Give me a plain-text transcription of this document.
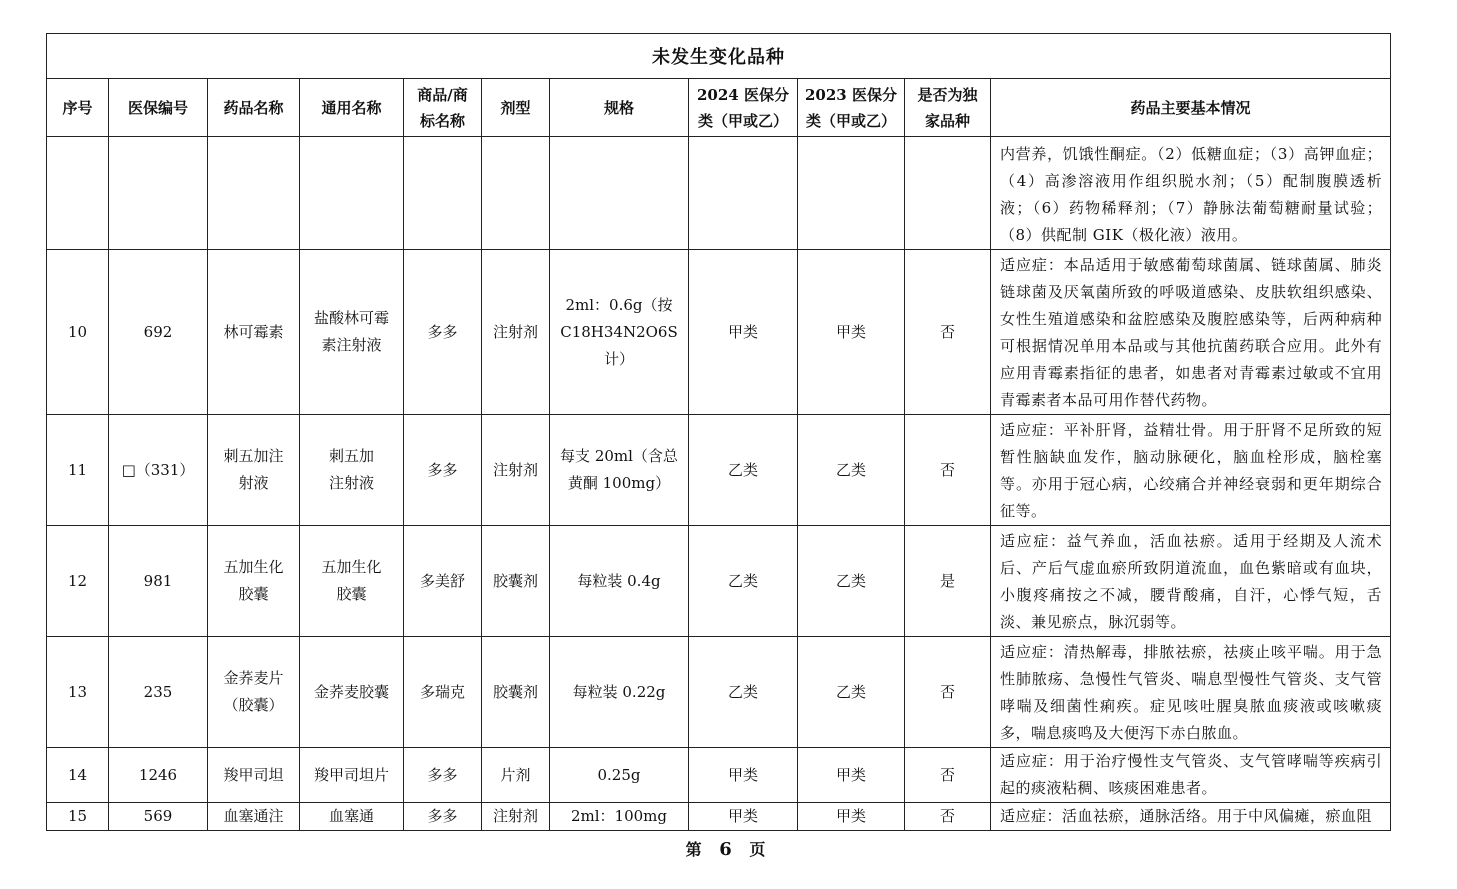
未发生变化品种										
序号	医保编号	药品名称	通用名称	商品/商标名称	剂型	规格	2024 医保分类（甲或乙）	2023 医保分类（甲或乙）	是否为独家品种	药品主要基本情况
										内营养，饥饿性酮症。（2）低糖血症；（3）高钾血症；（4）高渗溶液用作组织脱水剂；（5）配制腹膜透析液；（6）药物稀释剂；（7）静脉法葡萄糖耐量试验；（8）供配制 GIK（极化液）液用。
10	692	林可霉素	盐酸林可霉素注射液	多多	注射剂	2ml：0.6g（按 C18H34N2O6S 计）	甲类	甲类	否	适应症：本品适用于敏感葡萄球菌属、链球菌属、肺炎链球菌及厌氧菌所致的呼吸道感染、皮肤软组织感染、女性生殖道感染和盆腔感染及腹腔感染等，后两种病种可根据情况单用本品或与其他抗菌药联合应用。此外有应用青霉素指征的患者，如患者对青霉素过敏或不宜用青霉素者本品可用作替代药物。
11	□（331）	刺五加注射液	刺五加注射液	多多	注射剂	每支 20ml（含总黄酮 100mg）	乙类	乙类	否	适应症：平补肝肾，益精壮骨。用于肝肾不足所致的短暂性脑缺血发作，脑动脉硬化，脑血栓形成，脑栓塞等。亦用于冠心病，心绞痛合并神经衰弱和更年期综合征等。
12	981	五加生化胶囊	五加生化胶囊	多美舒	胶囊剂	每粒装 0.4g	乙类	乙类	是	适应症：益气养血，活血祛瘀。适用于经期及人流术后、产后气虚血瘀所致阴道流血，血色紫暗或有血块，小腹疼痛按之不减，腰背酸痛，自汗，心悸气短，舌淡、兼见瘀点，脉沉弱等。
13	235	金荞麦片（胶囊）	金荞麦胶囊	多瑞克	胶囊剂	每粒装 0.22g	乙类	乙类	否	适应症：清热解毒，排脓祛瘀，祛痰止咳平喘。用于急性肺脓疡、急慢性气管炎、喘息型慢性气管炎、支气管哮喘及细菌性痢疾。症见咳吐腥臭脓血痰液或咳嗽痰多，喘息痰鸣及大便泻下赤白脓血。
14	1246	羧甲司坦	羧甲司坦片	多多	片剂	0.25g	甲类	甲类	否	适应症：用于治疗慢性支气管炎、支气管哮喘等疾病引起的痰液粘稠、咳痰困难患者。
15	569	血塞通注	血塞通	多多	注射剂	2ml：100mg	甲类	甲类	否	适应症：活血祛瘀，通脉活络。用于中风偏瘫，瘀血阻
第 6 页
